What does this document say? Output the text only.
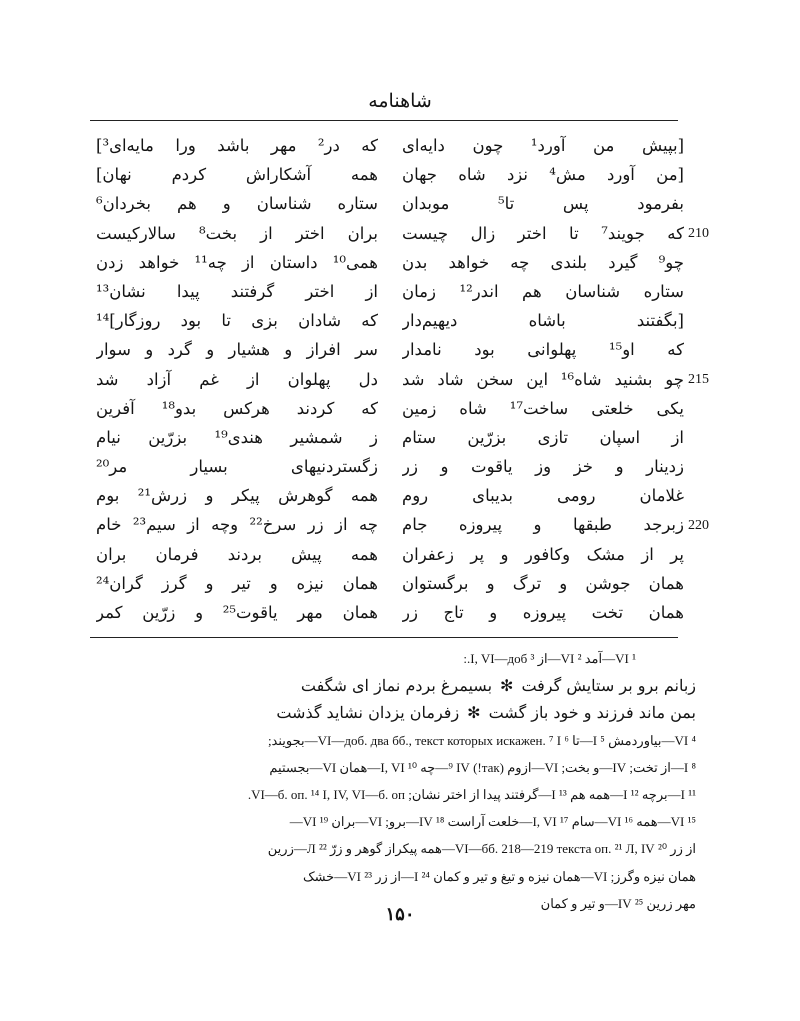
شاهنامه
[بپیش من آورد¹ چون دایه‌ای
[من آورد مش⁴ نزد شاه جهان
بفرمود پس تا⁵ موبدان
که جویند⁷ تا اختر زال چیست
چو⁹ گیرد بلندی چه خواهد بدن
ستاره شناسان هم اندر¹² زمان
[بگفتند باشاه دیهیم‌دار
که او¹⁵ پهلوانی بود نامدار
چو بشنید شاه¹⁶ این سخن شاد شد
یکی خلعتی ساخت¹⁷ شاه زمین
از اسپان تازی بزرّین ستام
زدینار و خز وز یاقوت و زر
غلامان رومی بدیبای روم
زبرجد طبقها و پیروزه جام
پر از مشک وکافور و پر زعفران
همان جوشن و ترگ و برگستوان
همان تخت پیروزه و تاج زر
که در² مهر باشد ورا مایه‌ای³]
همه آشکاراش کردم نهان]
ستاره شناسان و هم بخردان⁶
بران اختر از بخت⁸ سالارکیست
همی¹⁰ داستان از چه¹¹ خواهد زدن
از اختر گرفتند پیدا نشان¹³
که شادان بزی تا بود روزگار]¹⁴
سر افراز و هشیار و گرد و سوار
دل پهلوان از غم آزاد شد
که کردند هرکس بدو¹⁸ آفرین
ز شمشیر هندی¹⁹ بزرّین نیام
زگستردنیهای بسیار مر²⁰
همه گوهرش پیکر و زرش²¹ بوم
چه از زر سرخ²² وچه از سیم²³ خام
همه پیش بردند فرمان بران
همان نیزه و تیر و گرز گران²⁴
همان مهر یاقوت²⁵ و زرّین کمر
210
215
220
¹ VI—آمد ² VI—از ³ I, VI—доб.:
زبانم برو بر ستایش گرفت✻بسیمرغ بردم نماز ای شگفت
بمن ماند فرزند و خود باز گشت✻زفرمان یزدان نشاید گذشت
⁴ VI—بیاوردمش ⁵ I—تا ⁶ VI—доб. два бб., текст которых искажен. ⁷ I—بجویند;
⁸ I—از تخت; IV—و بخت; VI—ازوم (так!) ⁹ IV—چه ¹⁰ I, VI—همان VI—بجستیم
¹¹ I—برچه ¹² I—همه هم ¹³ I—گرفتند پیدا از اختر نشان; VI—б. оп. ¹⁴ I, IV, VI—б. оп.
¹⁵ VI—همه ¹⁶ VI—سام ¹⁷ I, VI—خلعت آراست ¹⁸ IV—برو; VI—بران ¹⁹ VI—
از زر ²⁰ VI—бб. 218—219 текста оп. ²¹ Л, IV—همه پیکراز گوهر و زرّ ²² Л—زرین
همان نیزه وگرز; VI—همان نیزه و تیغ و تیر و کمان ²⁴ I—از زر ²³ VI—خشک
مهر زرین ²⁵ IV—و تیر و کمان
۱۵۰
